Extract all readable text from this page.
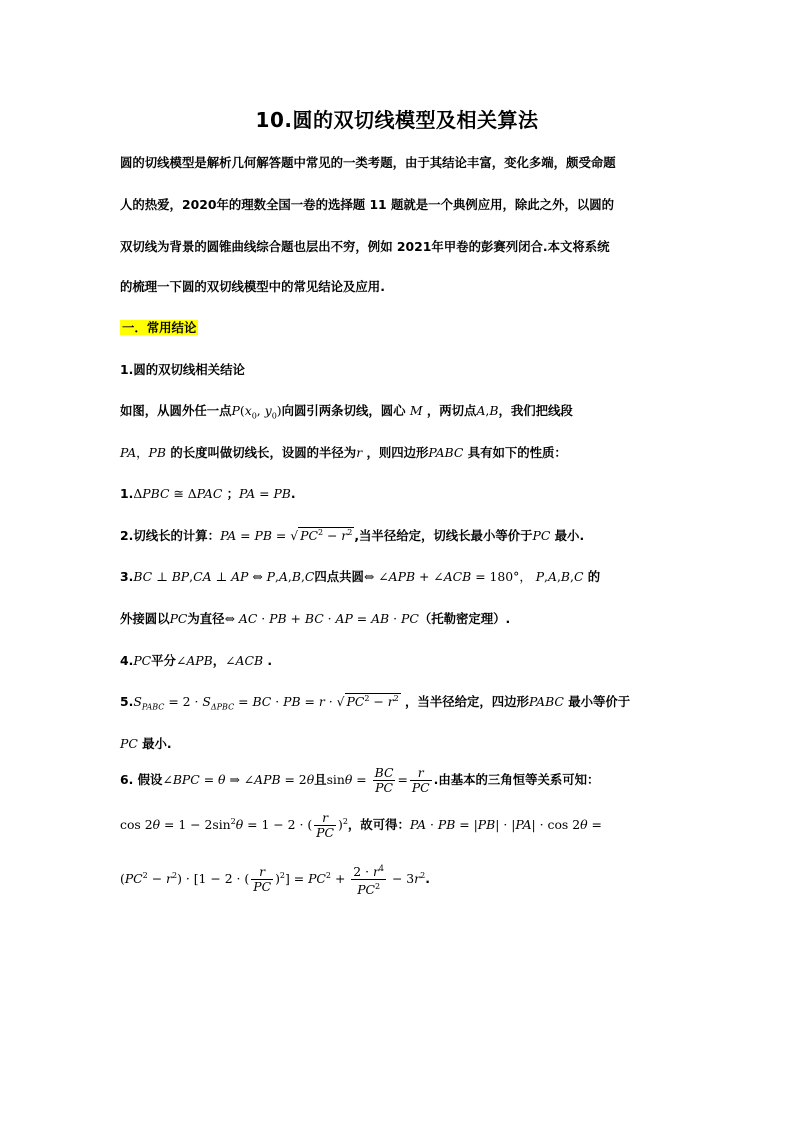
10.圆的双切线模型及相关算法
圆的切线模型是解析几何解答题中常见的一类考题，由于其结论丰富，变化多端，颇受命题
人的热爱，2020年的理数全国一卷的选择题 11 题就是一个典例应用，除此之外，以圆的
双切线为背景的圆锥曲线综合题也层出不穷，例如 2021年甲卷的彭赛列闭合.本文将系统
的梳理一下圆的双切线模型中的常见结论及应用.
一．常用结论
1.圆的双切线相关结论
如图，从圆外任一点$P(x_0$, $y_0$)向圆引两条切线，圆心 M ，两切点A,B，我们把线段
PA，PB 的长度叫做切线长，设圆的半径为r ，则四边形PABC 具有如下的性质：
1.ΔPBC ≅ ΔPAC ；PA = PB.
2.切线长的计算：PA = PB = √ $PC^2 - r^2$ ,当半径给定，切线长最小等价于PC 最小.
3.BC ⊥ BP,CA ⊥ AP ⇔ P,A,B,C四点共圆⇔ ∠APB + ∠ACB = 180°， P,A,B,C 的
外接圆以PC为直径⇔ AC · PB + BC · AP = AB · PC（托勒密定理）.
4.PC平分∠APB，∠ACB .
$5.S_{PABC} = 2 \cdot S_{\Delta PBC}$ = BC · PB = r · √ $PC^2 - r^2$ ，当半径给定，四边形PABC 最小等价于
PC 最小.
6. 假设∠BPC = θ ⇒ ∠APB = 2θ且$\sin\theta = \frac{BC}{PC} = \frac{r}{PC}$ .由基本的三角恒等关系可知：
$\cos 2\theta = 1 - 2\sin^2\theta = 1 - 2$ · ( $\frac{r}{PC} )^2$，故可得：PA · PB = |PB| · |PA| · cos 2θ =
$(PC^2 - r^2) \cdot [1 - 2$ · ( $\frac{r}{PC} )^2] = PC^2 + \frac{2 \cdot r^4}{PC^2} - 3r^2$.
